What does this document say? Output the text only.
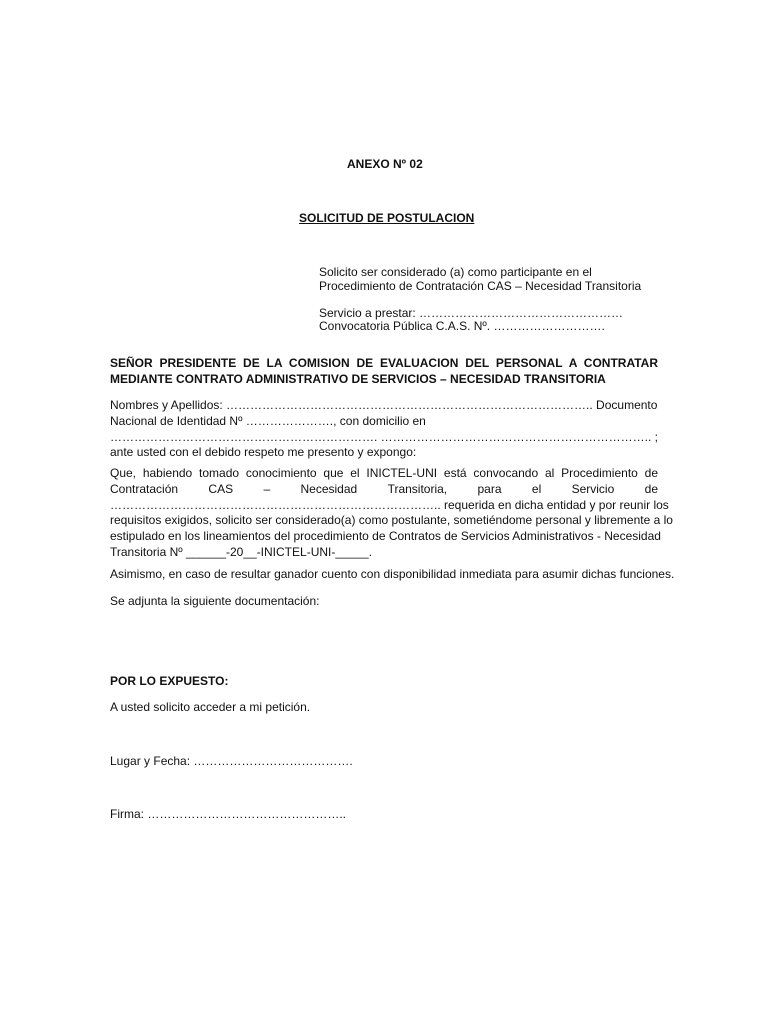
ANEXO Nº 02
SOLICITUD DE POSTULACION
Solicito ser considerado (a) como participante en el
Procedimiento de Contratación CAS – Necesidad Transitoria
Servicio a prestar: ……………………………………………
Convocatoria Pública C.A.S. Nº. ……………………….
SEÑOR PRESIDENTE DE LA COMISION DE EVALUACION DEL PERSONAL A CONTRATAR MEDIANTE CONTRATO ADMINISTRATIVO DE SERVICIOS – NECESIDAD TRANSITORIA
Nombres y Apellidos: ……………………………………………………………………………….. Documento
Nacional de Identidad Nº …………………., con domicilio en
…………………………………………………………. ………………………………………………………….. ;
ante usted con el debido respeto me presento y expongo:
Que, habiendo tomado conocimiento que el INICTEL-UNI está convocando al Procedimiento de
Contratación	CAS	–	Necesidad	Transitoria,	para	el	Servicio	de
……………………………………………………………………….. requerida en dicha entidad y por reunir los
requisitos exigidos, solicito ser considerado(a) como postulante, sometiéndome personal y libremente a lo
estipulado en los lineamientos del procedimiento de Contratos de Servicios Administrativos - Necesidad
Transitoria Nº ______-20__-INICTEL-UNI-_____.
Asimismo, en caso de resultar ganador cuento con disponibilidad inmediata para asumir dichas funciones.
Se adjunta la siguiente documentación:
POR LO EXPUESTO:
A usted solicito acceder a mi petición.
Lugar y Fecha: ………………………………….
Firma: …………………………………………..
